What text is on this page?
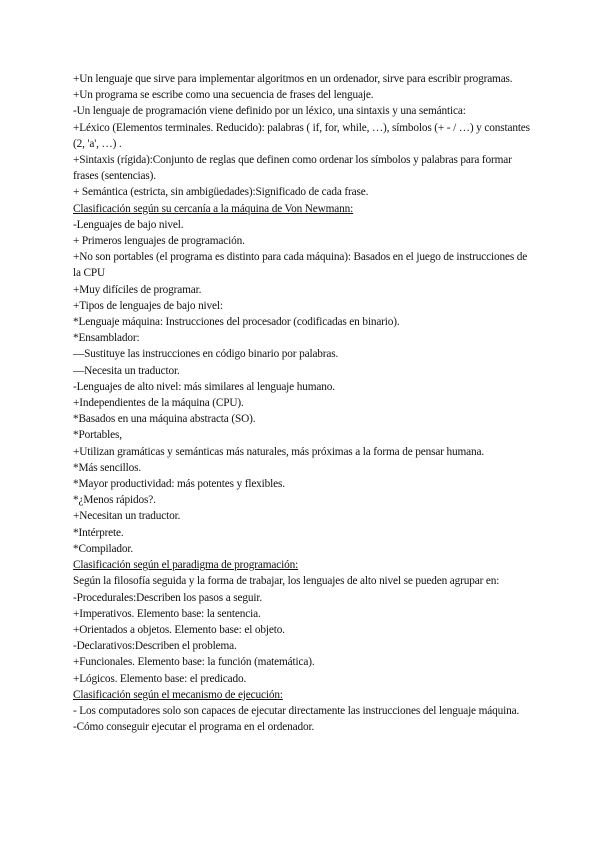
+Un lenguaje que sirve para implementar algoritmos en un ordenador, sirve para escribir programas.

+Un programa se escribe como una secuencia de frases del lenguaje.

-Un lenguaje de programación viene definido por un léxico, una sintaxis y una semántica:

+Léxico (Elementos terminales. Reducido): palabras ( if, for, while, …), símbolos (+ - / …) y constantes (2, 'a', …) .

+Sintaxis (rígida):Conjunto de reglas que definen como ordenar los símbolos y palabras para formar frases (sentencias).

+ Semántica (estricta, sin ambigüedades):Significado de cada frase.

Clasificación según su cercanía a la máquina de Von Newmann:

-Lenguajes de bajo nivel.

+ Primeros lenguajes de programación.

+No son portables (el programa es distinto para cada máquina): Basados en el juego de instrucciones de la CPU

+Muy difíciles de programar.

+Tipos de lenguajes de bajo nivel:

*Lenguaje máquina: Instrucciones del procesador (codificadas en binario).

*Ensamblador:

—Sustituye las instrucciones en código binario por palabras.

—Necesita un traductor.

-Lenguajes de alto nivel: más similares al lenguaje humano.

+Independientes de la máquina (CPU).

*Basados en una máquina abstracta (SO).

*Portables,

+Utilizan gramáticas y semánticas más naturales, más próximas a la forma de pensar humana.

*Más sencillos.

*Mayor productividad: más potentes y flexibles.

*¿Menos rápidos?.

+Necesitan un traductor.

*Intérprete.

*Compilador.

Clasificación según el paradigma de programación:

Según la filosofía seguida y la forma de trabajar, los lenguajes de alto nivel se pueden agrupar en:

-Procedurales:Describen los pasos a seguir.

+Imperativos. Elemento base: la sentencia.

+Orientados a objetos. Elemento base: el objeto.

-Declarativos:Describen el problema.

+Funcionales. Elemento base: la función (matemática).

+Lógicos. Elemento base: el predicado.

Clasificación según el mecanismo de ejecución:

- Los computadores solo son capaces de ejecutar directamente las instrucciones del lenguaje máquina.

-Cómo conseguir ejecutar el programa en el ordenador.
